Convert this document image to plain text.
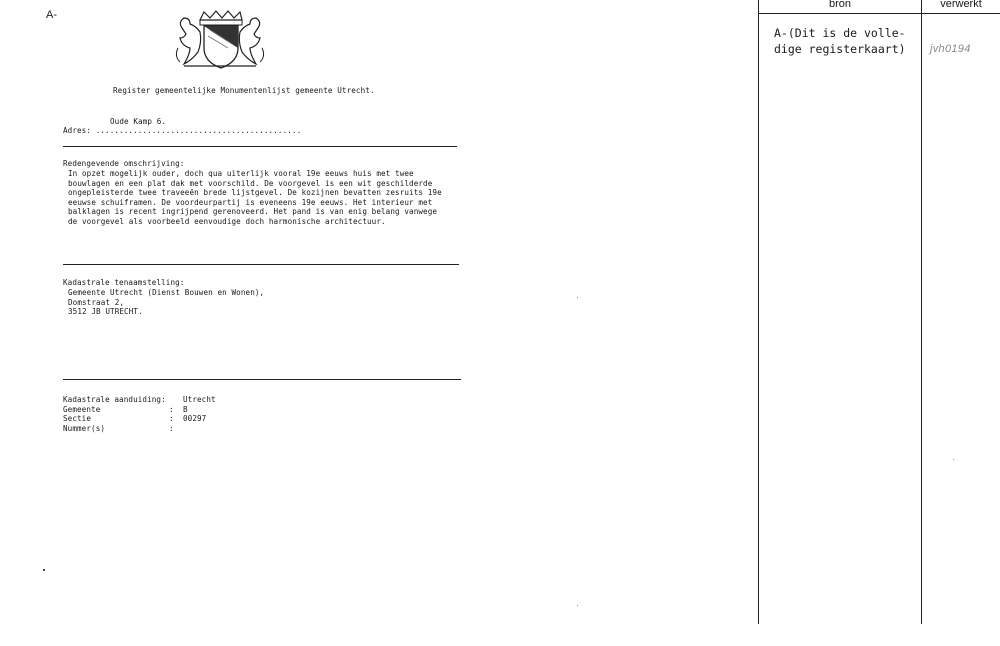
A-
Register gemeentelijke Monumentenlijst gemeente Utrecht.
Oude Kamp 6.
Adres: ............................................
Redengevende omschrijving:
In opzet mogelijk ouder, doch qua uiterlijk vooral 19e eeuws huis met twee
bouwlagen en een plat dak met voorschild. De voorgevel is een wit geschilderde
ongepleisterde twee traveeën brede lijstgevel. De kozijnen bevatten zesruits 19e
eeuwse schuiframen. De voordeurpartij is eveneens 19e eeuws. Het interieur met
balklagen is recent ingrijpend gerenoveerd. Het pand is van enig belang vanwege
de voorgevel als voorbeeld eenvoudige doch harmonische architectuur.
Kadastrale tenaamstelling:
Gemeente Utrecht (Dienst Bouwen en Wonen),
Domstraat 2,
3512 JB UTRECHT.
Kadastrale aanduiding:	Utrecht
Gemeente	:	B
Sectie	:	00297
Nummer(s)	:
bron	verwerkt
A-(Dit is de volle-
dige registerkaart) jvh0194
